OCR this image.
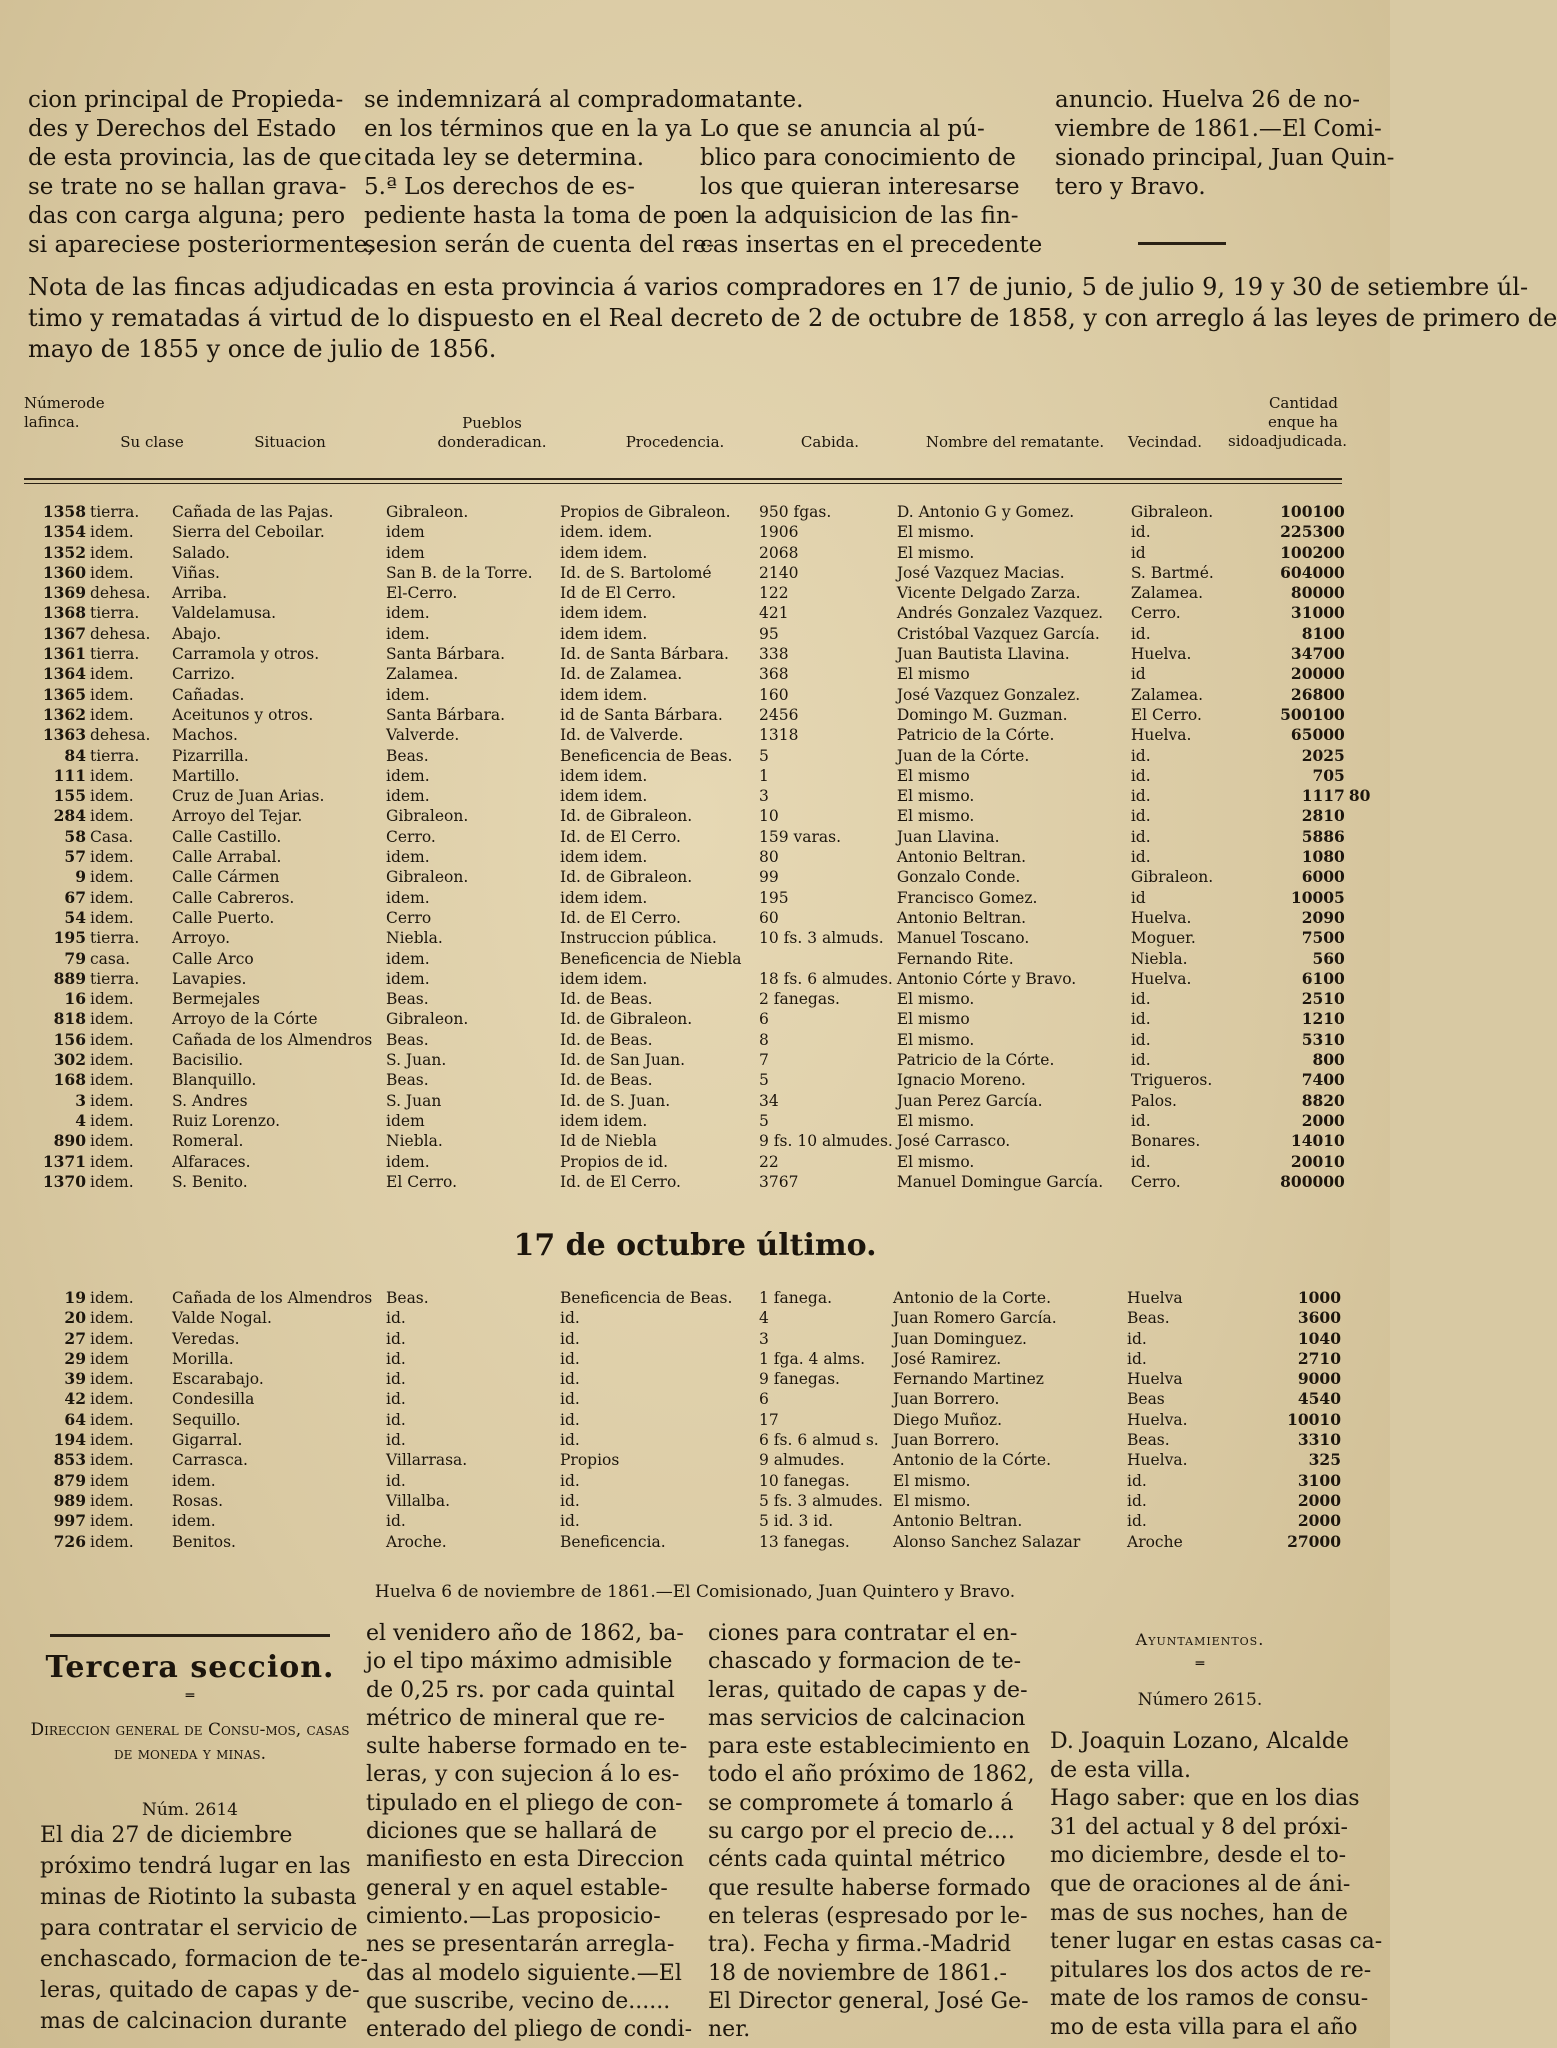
cion principal de Propieda-
des y Derechos del Estado
de esta provincia, las de que
se trate no se hallan grava-
das con carga alguna; pero
si apareciese posteriormente,
se indemnizará al comprador
en los términos que en la ya
citada ley se determina.
5.ª Los derechos de es-
pediente hasta la toma de po-
sesion serán de cuenta del re-
matante.
Lo que se anuncia al pú-
blico para conocimiento de
los que quieran interesarse
en la adquisicion de las fin-
cas insertas en el precedente
anuncio. Huelva 26 de no-
viembre de 1861.—El Comi-
sionado principal, Juan Quin-
tero y Bravo.
Nota de las fincas adjudicadas en esta provincia á varios compradores en 17 de junio, 5 de julio 9, 19 y 30 de setiembre úl-
timo y rematadas á virtud de lo dispuesto en el Real decreto de 2 de octubre de 1858, y con arreglo á las leyes de primero de
mayo de 1855 y once de julio de 1856.
Númerode lafinca.
Su clase	Situacion
Pueblos donderadican.	Procedencia.	Cabida.	Nombre del rematante.	Vecindad.
Cantidad enque ha sidoadjudicada.
1358	tierra.	Cañada de las Pajas.	Gibraleon.	Propios de Gibraleon.	950 fgas.	D. Antonio G y Gomez.	Gibraleon.	100100	
1354	idem.	Sierra del Ceboilar.	idem	idem. idem.	1906	El mismo.	id.	225300	
1352	idem.	Salado.	idem	idem idem.	2068	El mismo.	id	100200	
1360	idem.	Viñas.	San B. de la Torre.	Id. de S. Bartolomé	2140	José Vazquez Macias.	S. Bartmé.	604000	
1369	dehesa.	Arriba.	El-Cerro.	Id de El Cerro.	122	Vicente Delgado Zarza.	Zalamea.	80000	
1368	tierra.	Valdelamusa.	idem.	idem idem.	421	Andrés Gonzalez Vazquez.	Cerro.	31000	
1367	dehesa.	Abajo.	idem.	idem idem.	95	Cristóbal Vazquez García.	id.	8100	
1361	tierra.	Carramola y otros.	Santa Bárbara.	Id. de Santa Bárbara.	338	Juan Bautista Llavina.	Huelva.	34700	
1364	idem.	Carrizo.	Zalamea.	Id. de Zalamea.	368	El mismo	id	20000	
1365	idem.	Cañadas.	idem.	idem idem.	160	José Vazquez Gonzalez.	Zalamea.	26800	
1362	idem.	Aceitunos y otros.	Santa Bárbara.	id de Santa Bárbara.	2456	Domingo M. Guzman.	El Cerro.	500100	
1363	dehesa.	Machos.	Valverde.	Id. de Valverde.	1318	Patricio de la Córte.	Huelva.	65000	
84	tierra.	Pizarrilla.	Beas.	Beneficencia de Beas.	5	Juan de la Córte.	id.	2025	
111	idem.	Martillo.	idem.	idem idem.	1	El mismo	id.	705	
155	idem.	Cruz de Juan Arias.	idem.	idem idem.	3	El mismo.	id.	1117	80
284	idem.	Arroyo del Tejar.	Gibraleon.	Id. de Gibraleon.	10	El mismo.	id.	2810	
58	Casa.	Calle Castillo.	Cerro.	Id. de El Cerro.	159 varas.	Juan Llavina.	id.	5886	
57	idem.	Calle Arrabal.	idem.	idem idem.	80	Antonio Beltran.	id.	1080	
9	idem.	Calle Cármen	Gibraleon.	Id. de Gibraleon.	99	Gonzalo Conde.	Gibraleon.	6000	
67	idem.	Calle Cabreros.	idem.	idem idem.	195	Francisco Gomez.	id	10005	
54	idem.	Calle Puerto.	Cerro	Id. de El Cerro.	60	Antonio Beltran.	Huelva.	2090	
195	tierra.	Arroyo.	Niebla.	Instruccion pública.	10 fs. 3 almuds.	Manuel Toscano.	Moguer.	7500	
79	casa.	Calle Arco	idem.	Beneficencia de Niebla		Fernando Rite.	Niebla.	560	
889	tierra.	Lavapies.	idem.	idem idem.	18 fs. 6 almudes.	Antonio Córte y Bravo.	Huelva.	6100	
16	idem.	Bermejales	Beas.	Id. de Beas.	2 fanegas.	El mismo.	id.	2510	
818	idem.	Arroyo de la Córte	Gibraleon.	Id. de Gibraleon.	6	El mismo	id.	1210	
156	idem.	Cañada de los Almendros	Beas.	Id. de Beas.	8	El mismo.	id.	5310	
302	idem.	Bacisilio.	S. Juan.	Id. de San Juan.	7	Patricio de la Córte.	id.	800	
168	idem.	Blanquillo.	Beas.	Id. de Beas.	5	Ignacio Moreno.	Trigueros.	7400	
3	idem.	S. Andres	S. Juan	Id. de S. Juan.	34	Juan Perez García.	Palos.	8820	
4	idem.	Ruiz Lorenzo.	idem	idem idem.	5	El mismo.	id.	2000	
890	idem.	Romeral.	Niebla.	Id de Niebla	9 fs. 10 almudes.	José Carrasco.	Bonares.	14010	
1371	idem.	Alfaraces.	idem.	Propios de id.	22	El mismo.	id.	20010	
1370	idem.	S. Benito.	El Cerro.	Id. de El Cerro.	3767	Manuel Domingue García.	Cerro.	800000	
17 de octubre último.
19	idem.	Cañada de los Almendros	Beas.	Beneficencia de Beas.	1 fanega.	Antonio de la Corte.	Huelva	1000	
20	idem.	Valde Nogal.	id.	id.	4	Juan Romero García.	Beas.	3600	
27	idem.	Veredas.	id.	id.	3	Juan Dominguez.	id.	1040	
29	idem	Morilla.	id.	id.	1 fga. 4 alms.	José Ramirez.	id.	2710	
39	idem.	Escarabajo.	id.	id.	9 fanegas.	Fernando Martinez	Huelva	9000	
42	idem.	Condesilla	id.	id.	6	Juan Borrero.	Beas	4540	
64	idem.	Sequillo.	id.	id.	17	Diego Muñoz.	Huelva.	10010	
194	idem.	Gigarral.	id.	id.	6 fs. 6 almud s.	Juan Borrero.	Beas.	3310	
853	idem.	Carrasca.	Villarrasa.	Propios	9 almudes.	Antonio de la Córte.	Huelva.	325	
879	idem	idem.	id.	id.	10 fanegas.	El mismo.	id.	3100	
989	idem.	Rosas.	Villalba.	id.	5 fs. 3 almudes.	El mismo.	id.	2000	
997	idem.	idem.	id.	id.	5 id. 3 id.	Antonio Beltran.	id.	2000	
726	idem.	Benitos.	Aroche.	Beneficencia.	13 fanegas.	Alonso Sanchez Salazar	Aroche	27000	
Huelva 6 de noviembre de 1861.—El Comisionado, Juan Quintero y Bravo.
Tercera seccion.
═
Direccion general de Consu-mos, casas de moneda y minas.
Núm. 2614
El dia 27 de diciembre
próximo tendrá lugar en las
minas de Riotinto la subasta
para contratar el servicio de
enchascado, formacion de te-
leras, quitado de capas y de-
mas de calcinacion durante
el venidero año de 1862, ba-
jo el tipo máximo admisible
de 0,25 rs. por cada quintal
métrico de mineral que re-
sulte haberse formado en te-
leras, y con sujecion á lo es-
tipulado en el pliego de con-
diciones que se hallará de
manifiesto en esta Direccion
general y en aquel estable-
cimiento.—Las proposicio-
nes se presentarán arregla-
das al modelo siguiente.—El
que suscribe, vecino de......
enterado del pliego de condi-
ciones para contratar el en-
chascado y formacion de te-
leras, quitado de capas y de-
mas servicios de calcinacion
para este establecimiento en
todo el año próximo de 1862,
se compromete á tomarlo á
su cargo por el precio de....
cénts cada quintal métrico
que resulte haberse formado
en teleras (espresado por le-
tra). Fecha y firma.-Madrid
18 de noviembre de 1861.-
El Director general, José Ge-
ner.
Ayuntamientos.
═
Número 2615.
D. Joaquin Lozano, Alcalde
de esta villa.
Hago saber: que en los dias
31 del actual y 8 del próxi-
mo diciembre, desde el to-
que de oraciones al de áni-
mas de sus noches, han de
tener lugar en estas casas ca-
pitulares los dos actos de re-
mate de los ramos de consu-
mo de esta villa para el año
